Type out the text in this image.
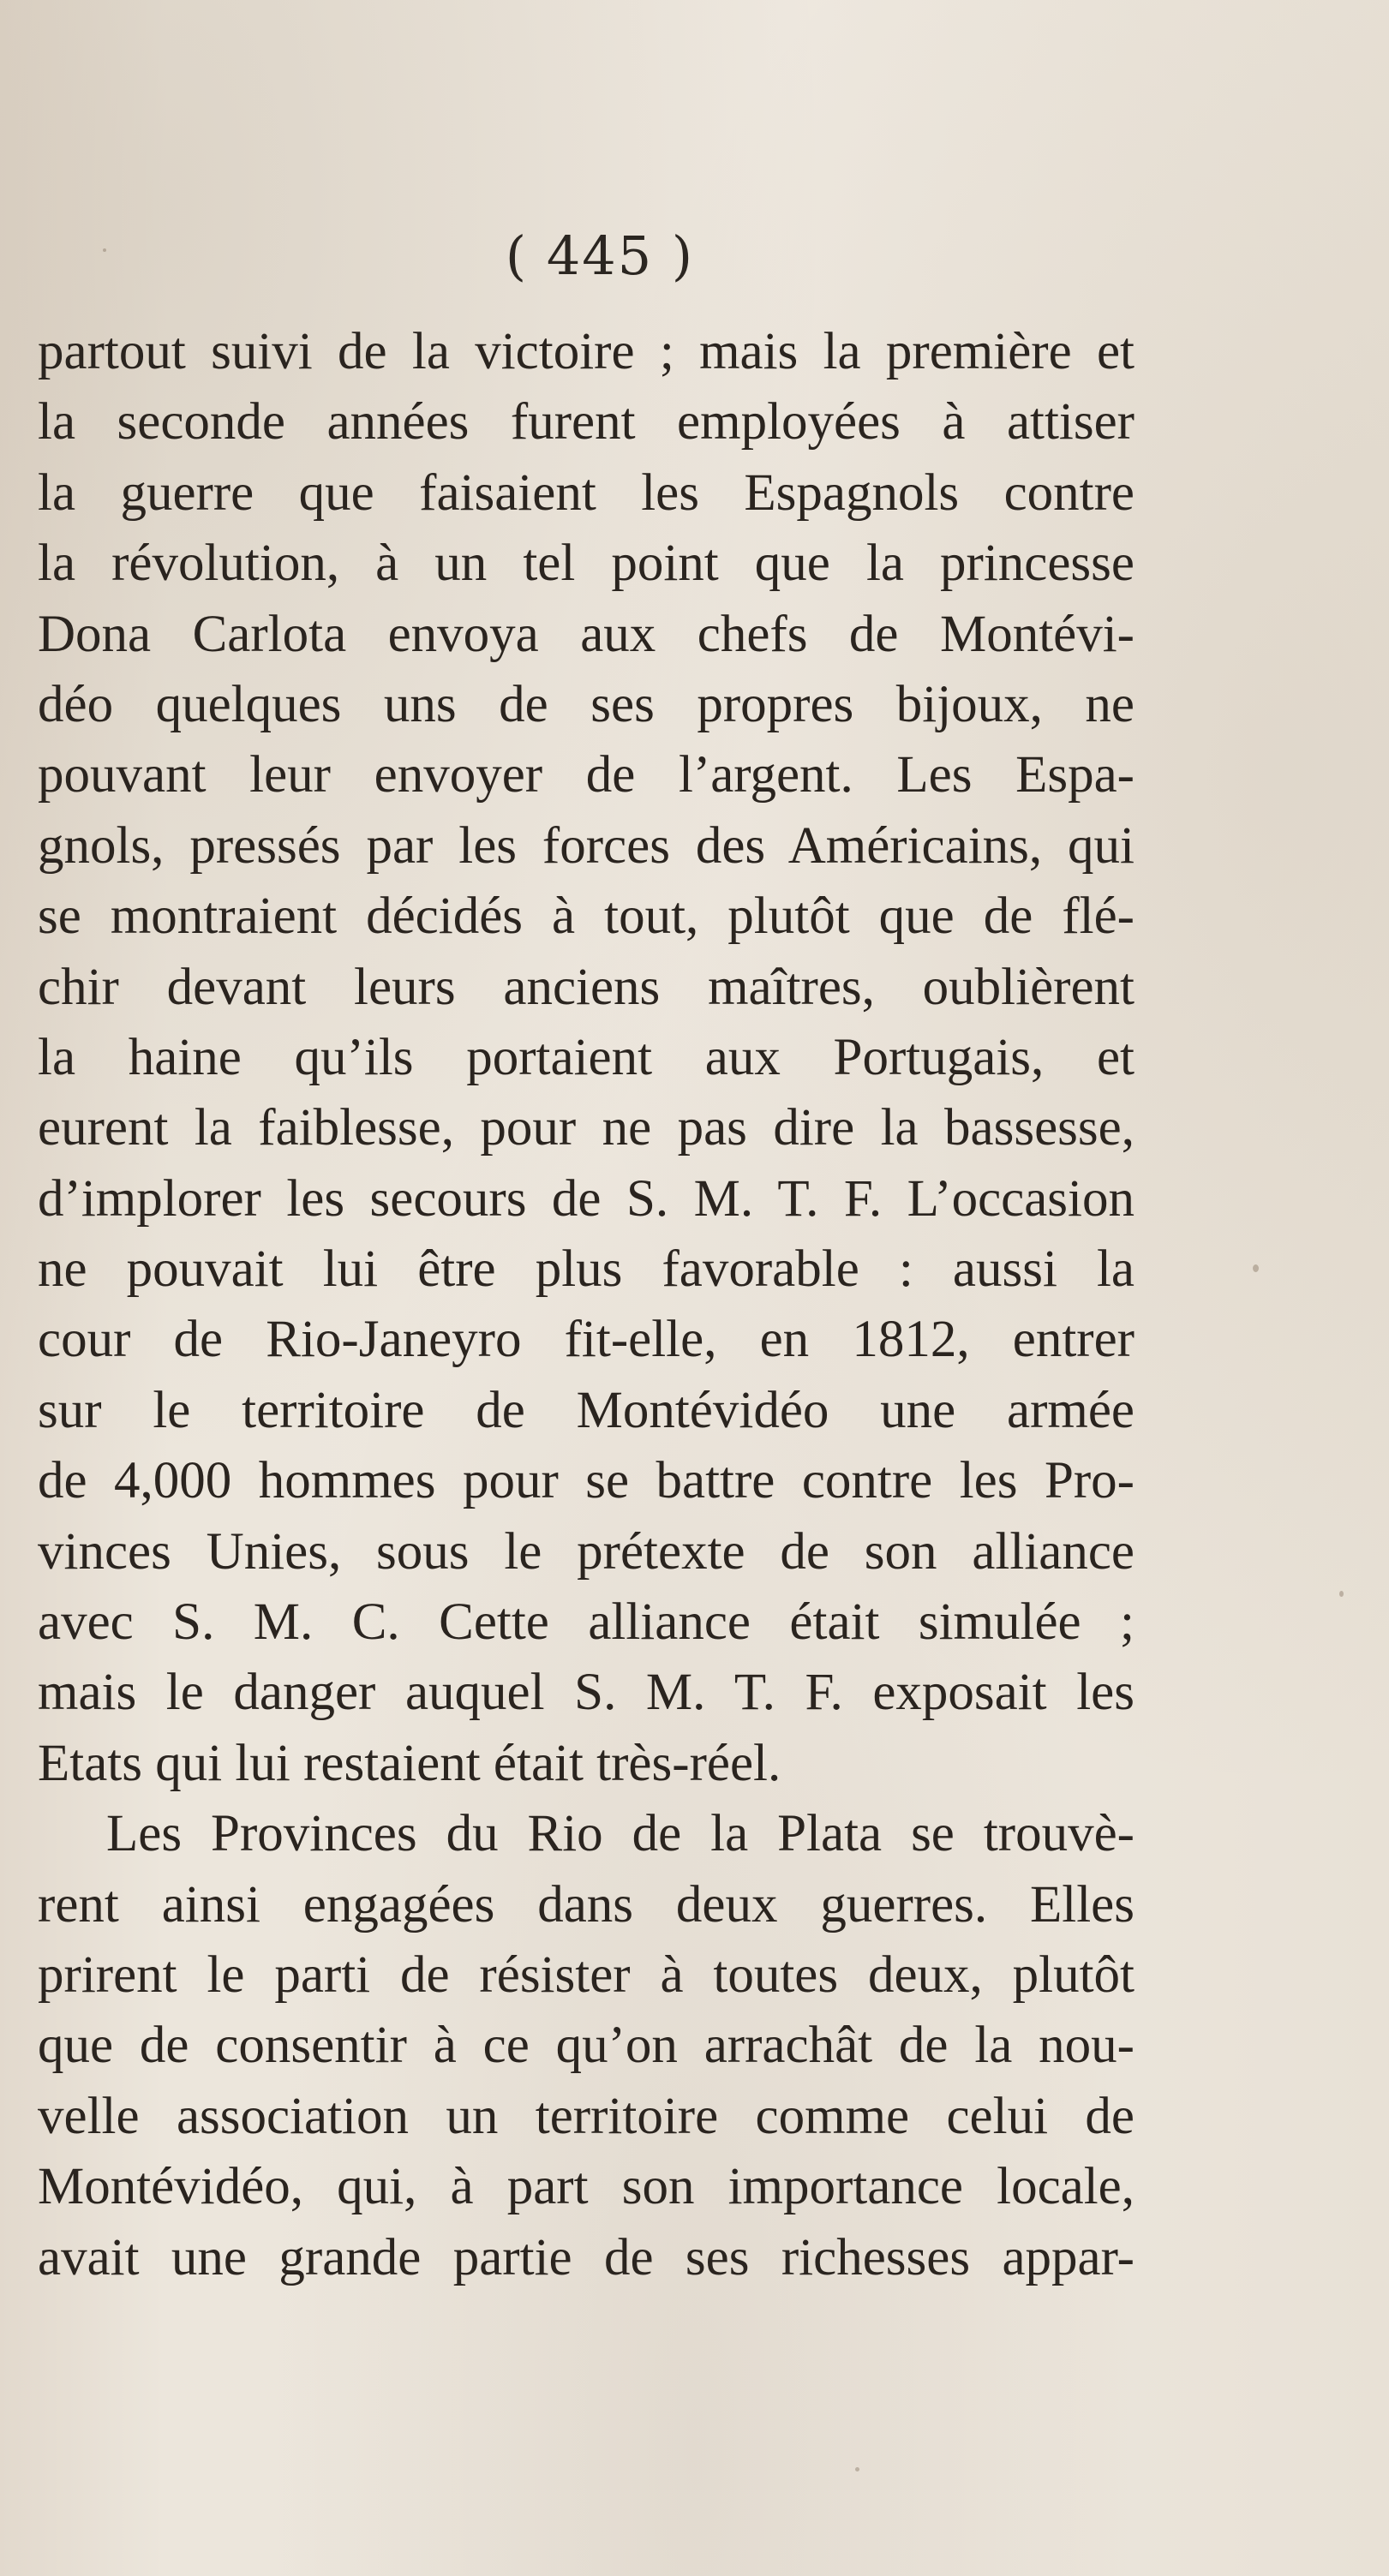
( 445 )
partout suivi de la victoire ; mais la première et
la seconde années furent employées à attiser
la guerre que faisaient les Espagnols contre
la révolution, à un tel point que la princesse
Dona Carlota envoya aux chefs de Montévi-
déo quelques uns de ses propres bijoux, ne
pouvant leur envoyer de l’argent. Les Espa-
gnols, pressés par les forces des Américains, qui
se montraient décidés à tout, plutôt que de flé-
chir devant leurs anciens maîtres, oublièrent
la haine qu’ils portaient aux Portugais, et
eurent la faiblesse, pour ne pas dire la bassesse,
d’implorer les secours de S. M. T. F. L’occasion
ne pouvait lui être plus favorable : aussi la
cour de Rio-Janeyro fit-elle, en 1812, entrer
sur le territoire de Montévidéo une armée
de 4,000 hommes pour se battre contre les Pro-
vinces Unies, sous le prétexte de son alliance
avec S. M. C. Cette alliance était simulée ;
mais le danger auquel S. M. T. F. exposait les
Etats qui lui restaient était très-réel.
Les Provinces du Rio de la Plata se trouvè-
rent ainsi engagées dans deux guerres. Elles
prirent le parti de résister à toutes deux, plutôt
que de consentir à ce qu’on arrachât de la nou-
velle association un territoire comme celui de
Montévidéo, qui, à part son importance locale,
avait une grande partie de ses richesses appar-
